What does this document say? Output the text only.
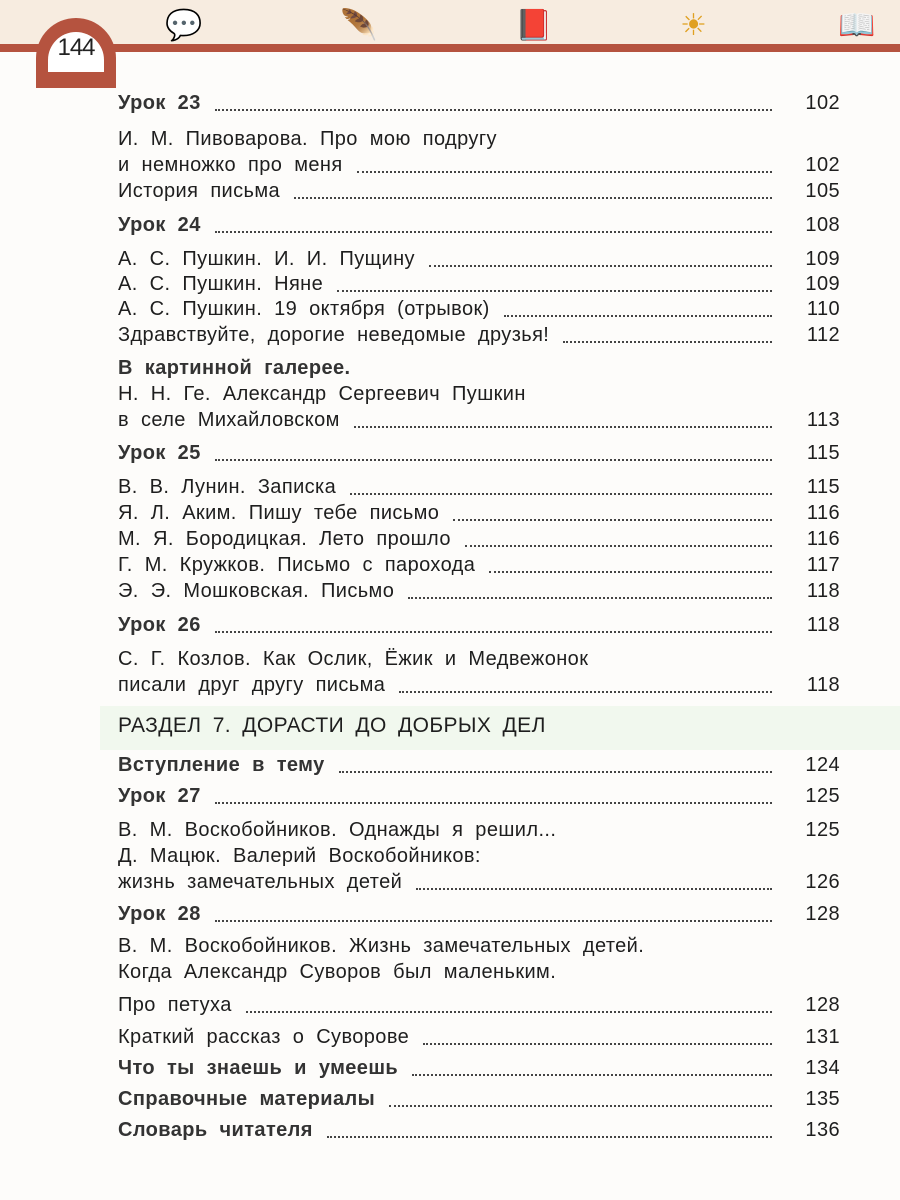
144
💬	🪶	📕	☀	📖
Урок 23	102
И. М. Пивоварова. Про мою подругу
и немножко про меня	102
История письма	105
Урок 24	108
А. С. Пушкин. И. И. Пущину	109
А. С. Пушкин. Няне	109
А. С. Пушкин. 19 октября (отрывок)	110
Здравствуйте, дорогие неведомые друзья!	112
В картинной галерее.
Н. Н. Ге. Александр Сергеевич Пушкин
в селе Михайловском	113
Урок 25	115
В. В. Лунин. Записка	115
Я. Л. Аким. Пишу тебе письмо	116
М. Я. Бородицкая. Лето прошло	116
Г. М. Кружков. Письмо с парохода	117
Э. Э. Мошковская. Письмо	118
Урок 26	118
С. Г. Козлов. Как Ослик, Ёжик и Медвежонок
писали друг другу письма	118
РАЗДЕЛ 7. ДОРАСТИ ДО ДОБРЫХ ДЕЛ
Вступление в тему	124
Урок 27	125
В. М. Воскобойников. Однажды я решил...	125
Д. Мацюк. Валерий Воскобойников:
жизнь замечательных детей	126
Урок 28	128
В. М. Воскобойников. Жизнь замечательных детей.
Когда Александр Суворов был маленьким.
Про петуха	128
Краткий рассказ о Суворове	131
Что ты знаешь и умеешь	134
Справочные материалы	135
Словарь читателя	136
